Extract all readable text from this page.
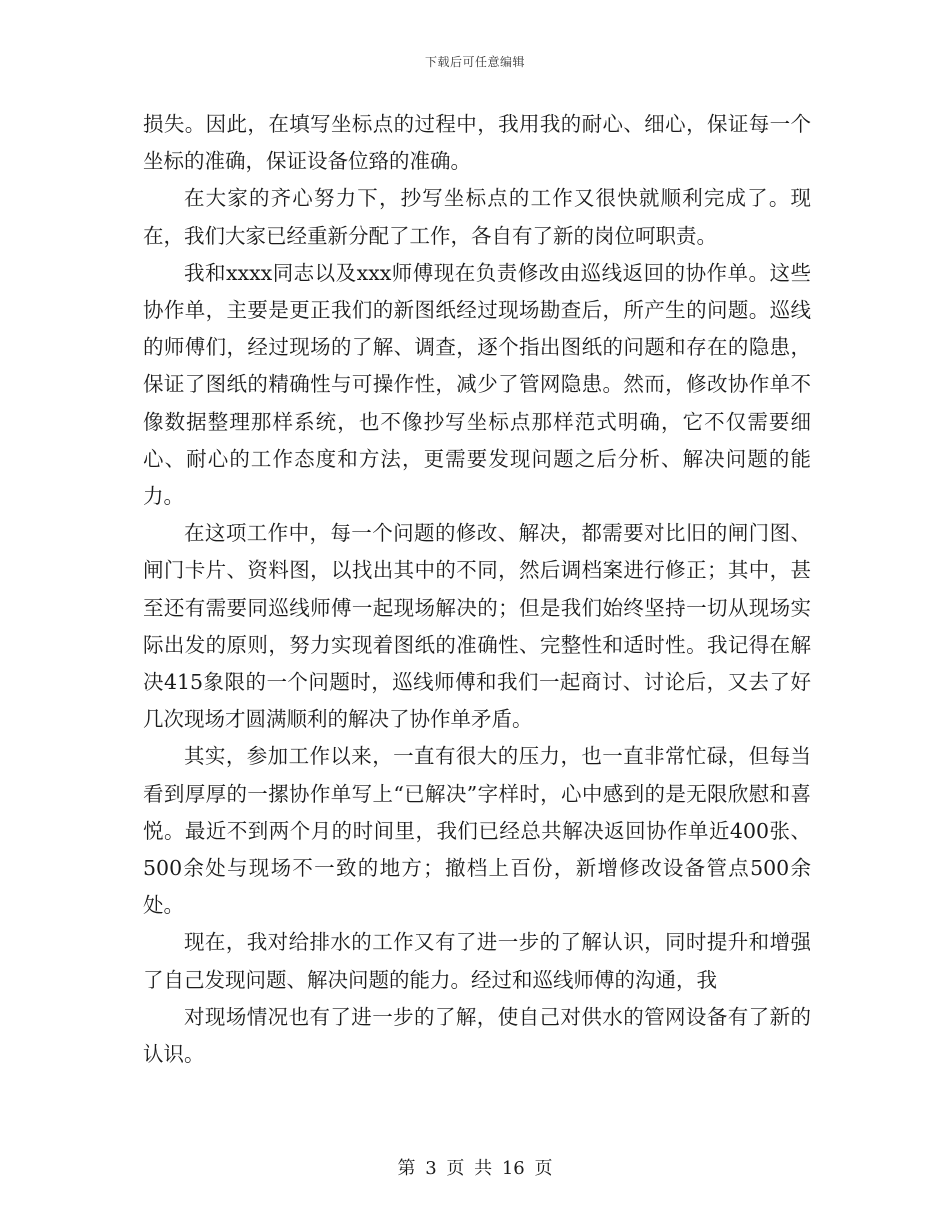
下载后可任意编辑

损失。因此，在填写坐标点的过程中，我用我的耐心、细心，保证每一个坐标的准确，保证设备位臵的准确。

在大家的齐心努力下，抄写坐标点的工作又很快就顺利完成了。现在，我们大家已经重新分配了工作，各自有了新的岗位呵职责。

我和xxxx同志以及xxx师傅现在负责修改由巡线返回的协作单。这些协作单，主要是更正我们的新图纸经过现场勘查后，所产生的问题。巡线的师傅们，经过现场的了解、调查，逐个指出图纸的问题和存在的隐患，保证了图纸的精确性与可操作性，减少了管网隐患。然而，修改协作单不像数据整理那样系统，也不像抄写坐标点那样范式明确，它不仅需要细心、耐心的工作态度和方法，更需要发现问题之后分析、解决问题的能力。

在这项工作中，每一个问题的修改、解决，都需要对比旧的闸门图、闸门卡片、资料图，以找出其中的不同，然后调档案进行修正；其中，甚至还有需要同巡线师傅一起现场解决的；但是我们始终坚持一切从现场实际出发的原则，努力实现着图纸的准确性、完整性和适时性。我记得在解决415象限的一个问题时，巡线师傅和我们一起商讨、讨论后，又去了好几次现场才圆满顺利的解决了协作单矛盾。

其实，参加工作以来，一直有很大的压力，也一直非常忙碌，但每当看到厚厚的一摞协作单写上“已解决”字样时，心中感到的是无限欣慰和喜悦。最近不到两个月的时间里，我们已经总共解决返回协作单近400张、500余处与现场不一致的地方；撤档上百份，新增修改设备管点500余处。

现在，我对给排水的工作又有了进一步的了解认识，同时提升和增强了自己发现问题、解决问题的能力。经过和巡线师傅的沟通，我

对现场情况也有了进一步的了解，使自己对供水的管网设备有了新的认识。

第 3 页 共 16 页
